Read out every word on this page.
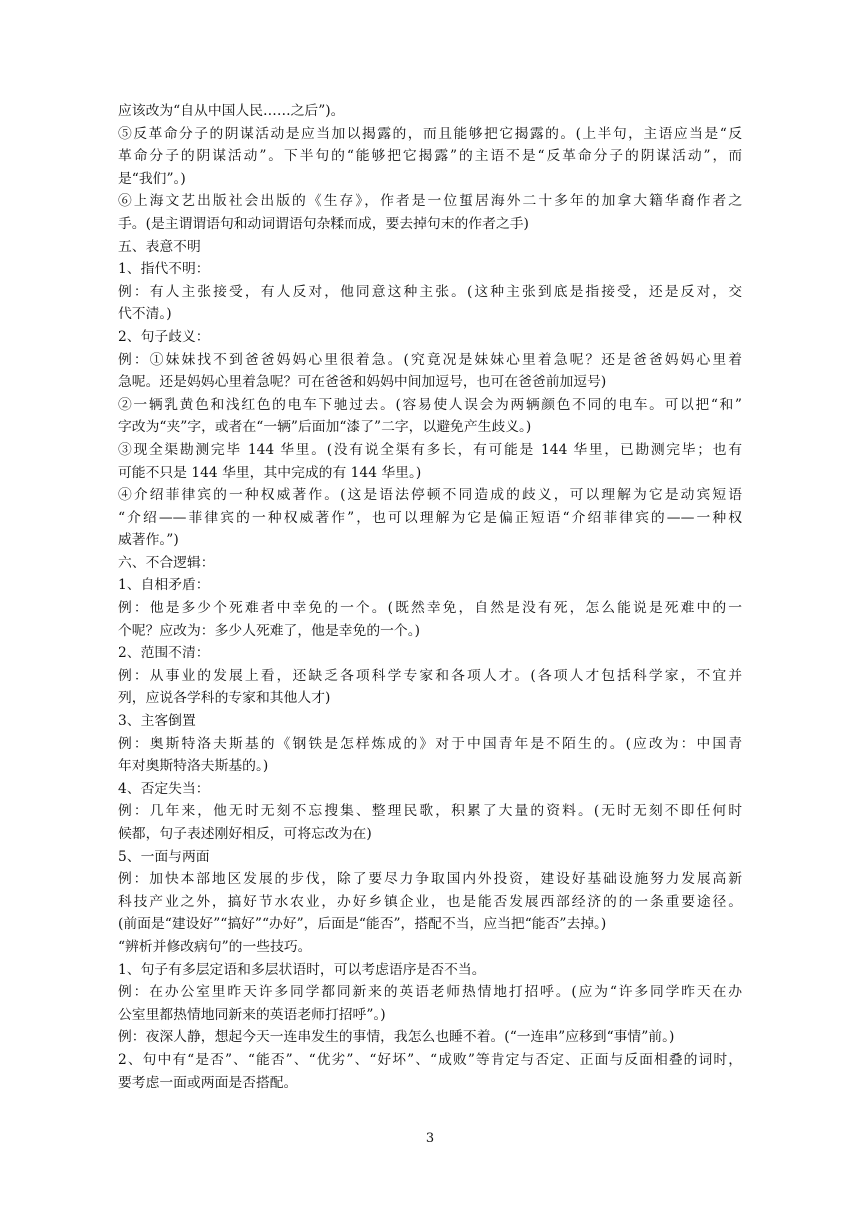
应该改为“自从中国人民……之后”)。
⑤反革命分子的阴谋活动是应当加以揭露的，而且能够把它揭露的。(上半句，主语应当是“反
革命分子的阴谋活动”。下半句的“能够把它揭露”的主语不是“反革命分子的阴谋活动”，而
是“我们”。)
⑥上海文艺出版社会出版的《生存》，作者是一位蜇居海外二十多年的加拿大籍华裔作者之
手。(是主谓谓语句和动词谓语句杂糅而成，要去掉句末的作者之手)
五、表意不明
1、指代不明：
例：有人主张接受，有人反对，他同意这种主张。(这种主张到底是指接受，还是反对，交
代不清。)
2、句子歧义：
例：①妹妹找不到爸爸妈妈心里很着急。(究竟况是妹妹心里着急呢？还是爸爸妈妈心里着
急呢。还是妈妈心里着急呢？可在爸爸和妈妈中间加逗号，也可在爸爸前加逗号)
②一辆乳黄色和浅红色的电车下驰过去。(容易使人误会为两辆颜色不同的电车。可以把“和”
字改为“夹”字，或者在“一辆”后面加“漆了”二字，以避免产生歧义。)
③现全渠勘测完毕 144 华里。(没有说全渠有多长，有可能是 144 华里，已勘测完毕；也有
可能不只是 144 华里，其中完成的有 144 华里。)
④介绍菲律宾的一种权威著作。(这是语法停顿不同造成的歧义，可以理解为它是动宾短语
“介绍——菲律宾的一种权威著作”，也可以理解为它是偏正短语“介绍菲律宾的——一种权
威著作。”)
六、不合逻辑：
1、自相矛盾：
例：他是多少个死难者中幸免的一个。(既然幸免，自然是没有死，怎么能说是死难中的一
个呢？应改为：多少人死难了，他是幸免的一个。)
2、范围不清：
例：从事业的发展上看，还缺乏各项科学专家和各项人才。(各项人才包括科学家，不宜并
列，应说各学科的专家和其他人才)
3、主客倒置
例：奥斯特洛夫斯基的《钢铁是怎样炼成的》对于中国青年是不陌生的。(应改为：中国青
年对奥斯特洛夫斯基的。)
4、否定失当：
例：几年来，他无时无刻不忘搜集、整理民歌，积累了大量的资料。(无时无刻不即任何时
候都，句子表述刚好相反，可将忘改为在)
5、一面与两面
例：加快本部地区发展的步伐，除了要尽力争取国内外投资，建设好基础设施努力发展高新
科技产业之外，搞好节水农业，办好乡镇企业，也是能否发展西部经济的的一条重要途径。
(前面是“建设好”“搞好”“办好”，后面是“能否”，搭配不当，应当把“能否”去掉。)
“辨析并修改病句”的一些技巧。
1、句子有多层定语和多层状语时，可以考虑语序是否不当。
例：在办公室里昨天许多同学都同新来的英语老师热情地打招呼。(应为“许多同学昨天在办
公室里都热情地同新来的英语老师打招呼”。)
例：夜深人静，想起今天一连串发生的事情，我怎么也睡不着。(“一连串”应移到“事情”前。)
2、句中有“是否”、“能否”、“优劣”、“好坏”、“成败”等肯定与否定、正面与反面相叠的词时，
要考虑一面或两面是否搭配。
3
